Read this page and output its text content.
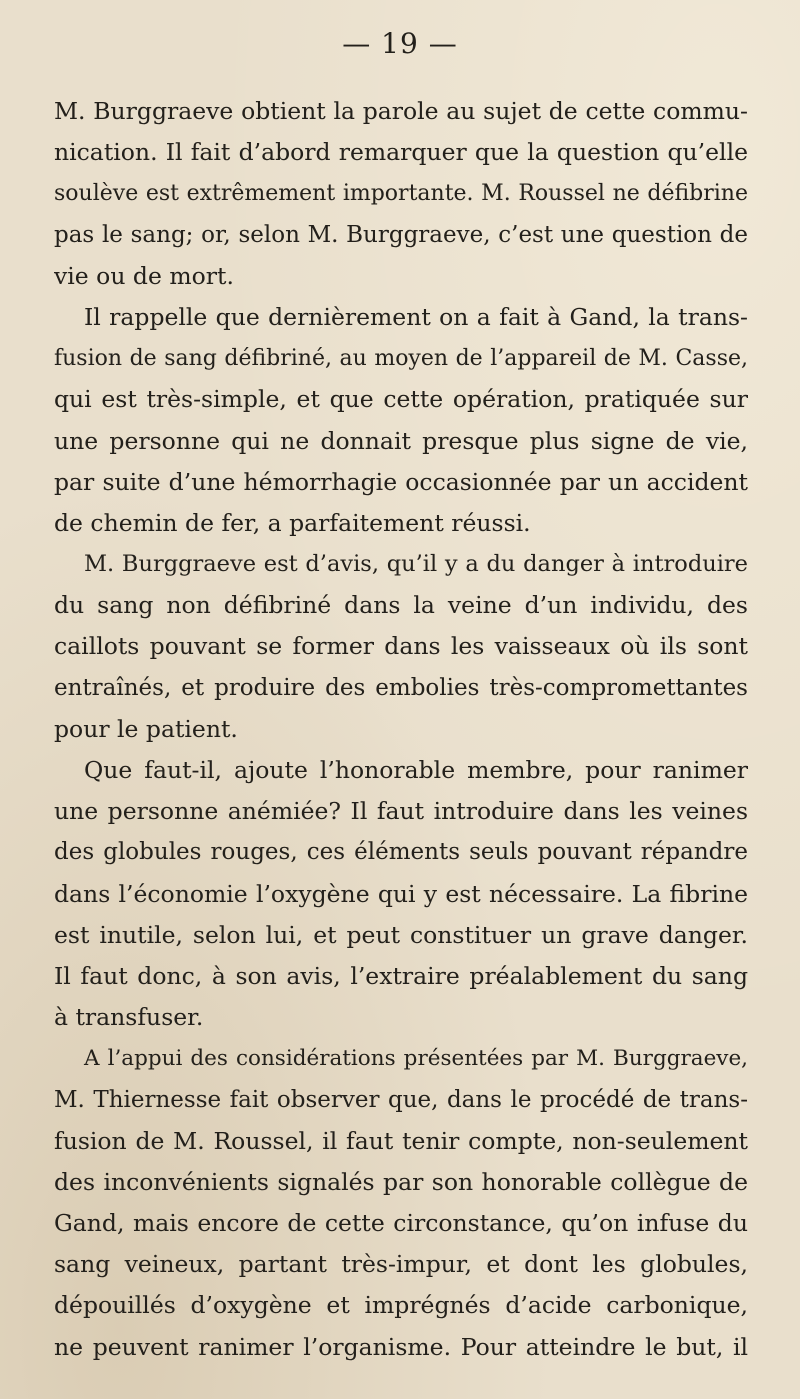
— 19 —
M. Burggraeve obtient la parole au sujet de cette commu-
nication. Il fait d’abord remarquer que la question qu’elle
soulève est extrêmement importante. M. Roussel ne défibrine
pas le sang; or, selon M. Burggraeve, c’est une question de
vie ou de mort.
Il rappelle que dernièrement on a fait à Gand, la trans-
fusion de sang défibriné, au moyen de l’appareil de M. Casse,
qui est très-simple, et que cette opération, pratiquée sur
une personne qui ne donnait presque plus signe de vie,
par suite d’une hémorrhagie occasionnée par un accident
de chemin de fer, a parfaitement réussi.
M. Burggraeve est d’avis, qu’il y a du danger à introduire
du sang non défibriné dans la veine d’un individu, des
caillots pouvant se former dans les vaisseaux où ils sont
entraînés, et produire des embolies très-compromettantes
pour le patient.
Que faut-il, ajoute l’honorable membre, pour ranimer
une personne anémiée? Il faut introduire dans les veines
des globules rouges, ces éléments seuls pouvant répandre
dans l’économie l’oxygène qui y est nécessaire. La fibrine
est inutile, selon lui, et peut constituer un grave danger.
Il faut donc, à son avis, l’extraire préalablement du sang
à transfuser.
A l’appui des considérations présentées par M. Burggraeve,
M. Thiernesse fait observer que, dans le procédé de trans-
fusion de M. Roussel, il faut tenir compte, non-seulement
des inconvénients signalés par son honorable collègue de
Gand, mais encore de cette circonstance, qu’on infuse du
sang veineux, partant très-impur, et dont les globules,
dépouillés d’oxygène et imprégnés d’acide carbonique,
ne peuvent ranimer l’organisme. Pour atteindre le but, il
